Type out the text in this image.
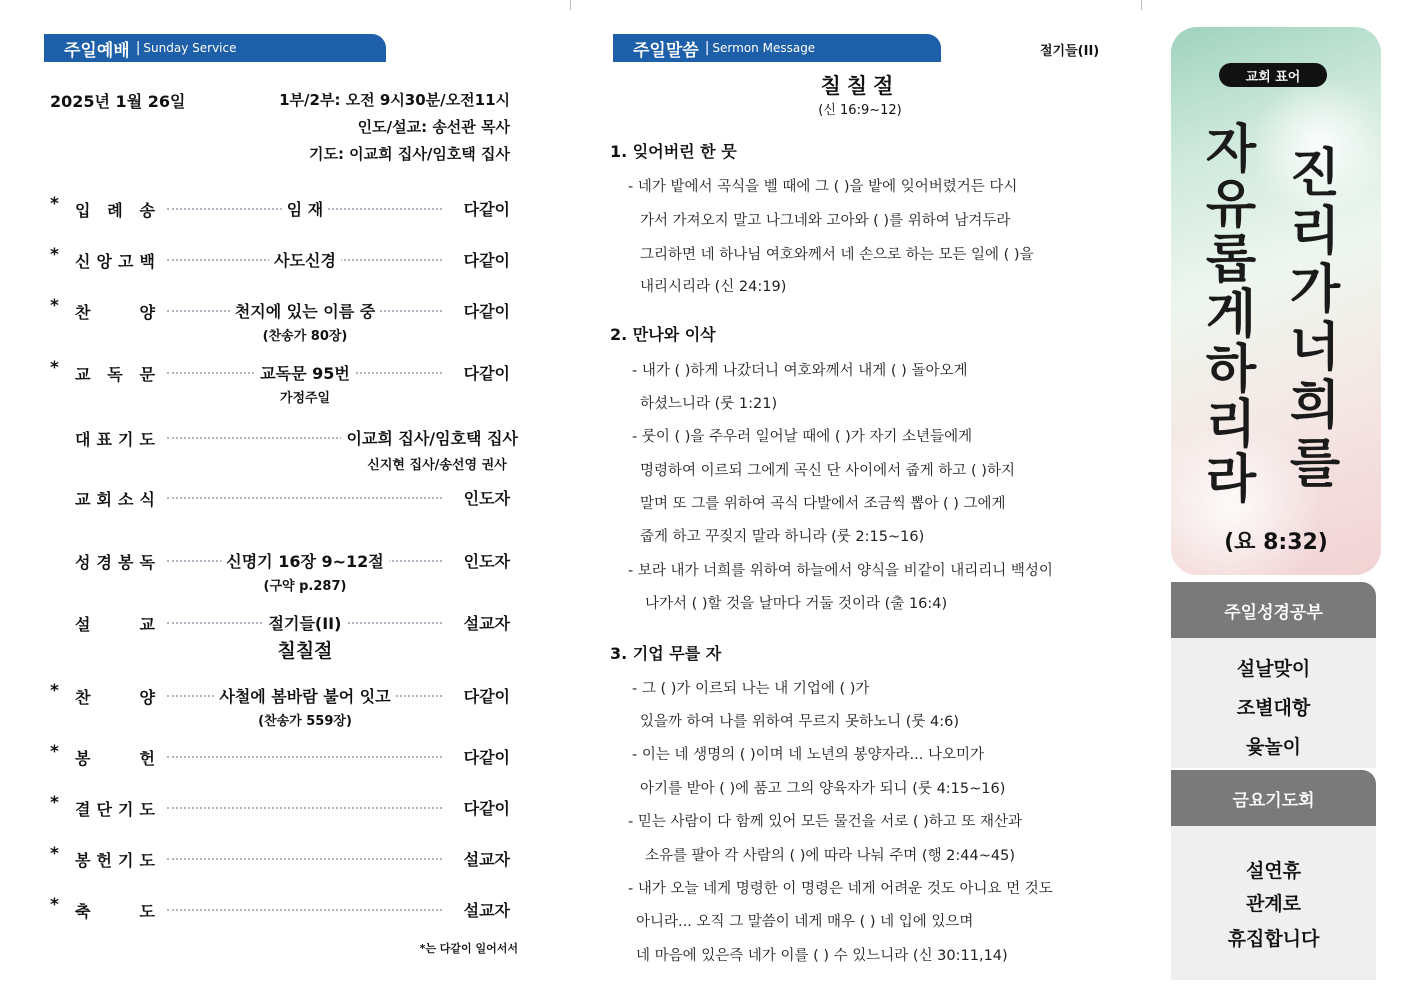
주일예배 | Sunday Service
2025년 1월 26일	1부/2부: 오전 9시30분/오전11시
인도/설교: 송선관 목사
기도: 이교희 집사/임호택 집사
* 입 례 송	임 재	다같이
* 신 앙 고 백	사도신경	다같이
* 찬	양	천지에 있는 이름 중	다같이
(찬송가 80장)
* 교 독 문	교독문 95번	다같이
가정주일
대 표 기 도	이교희 집사/임호택 집사
신지현 집사/송선영 권사
교 회 소 식	인도자
성 경 봉 독	신명기 16장 9~12절	인도자
(구약 p.287)
설	교	절기들(II)	설교자
칠칠절
* 찬	양	사철에 봄바람 불어 잇고	다같이
(찬송가 559장)
* 봉	헌	다같이
* 결 단 기 도	다같이
* 봉 헌 기 도	설교자
* 축	도	설교자
*는 다같이 일어서서
주일말씀 | Sermon Message	절기들(II)
칠칠절
(신 16:9~12)
1. 잊어버린 한 뭇
- 네가 밭에서 곡식을 벨 때에 그 ( )을 밭에 잊어버렸거든 다시
가서 가져오지 말고 나그네와 고아와 ( )를 위하여 남겨두라
그리하면 네 하나님 여호와께서 네 손으로 하는 모든 일에 ( )을
내리시리라 (신 24:19)
2. 만나와 이삭
- 내가 ( )하게 나갔더니 여호와께서 내게 ( ) 돌아오게
하셨느니라 (룻 1:21)
- 룻이 ( )을 주우러 일어날 때에 ( )가 자기 소년들에게
명령하여 이르되 그에게 곡신 단 사이에서 줍게 하고 ( )하지
말며 또 그를 위하여 곡식 다발에서 조금씩 뽑아 ( ) 그에게
줍게 하고 꾸짖지 말라 하니라 (룻 2:15~16)
- 보라 내가 너희를 위하여 하늘에서 양식을 비같이 내리리니 백성이
나가서 ( )할 것을 날마다 거둘 것이라 (출 16:4)
3. 기업 무를 자
- 그 ( )가 이르되 나는 내 기업에 ( )가
있을까 하여 나를 위하여 무르지 못하노니 (룻 4:6)
- 이는 네 생명의 ( )이며 네 노년의 봉양자라... 나오미가
아기를 받아 ( )에 품고 그의 양육자가 되니 (룻 4:15~16)
- 믿는 사람이 다 함께 있어 모든 물건을 서로 ( )하고 또 재산과
소유를 팔아 각 사람의 ( )에 따라 나눠 주며 (행 2:44~45)
- 내가 오늘 네게 명령한 이 명령은 네게 어려운 것도 아니요 먼 것도
아니라... 오직 그 말씀이 네게 매우 ( ) 네 입에 있으며
네 마음에 있은즉 네가 이를 ( ) 수 있느니라 (신 30:11,14)
교회 표어
진
리
가
너
희
를
자
유
롭
게
하
리
라
(요 8:32)
주일성경공부
설날맞이
조별대항
윷놀이
금요기도회
설연휴
관계로
휴집합니다
